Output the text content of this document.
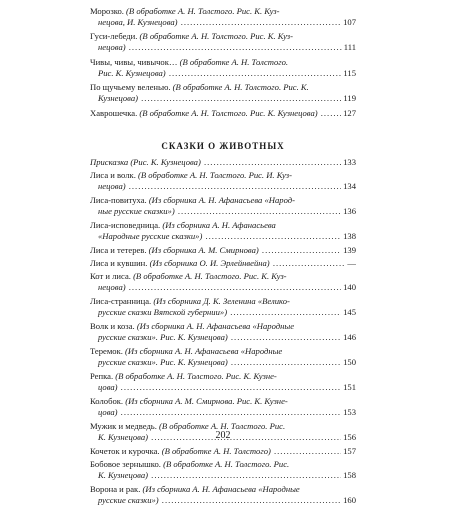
Морозко. (В обработке А. Н. Толстого. Рис. К. Куз-
нецова, И. Кузнецова) .....	107
Гуси-лебеди. (В обработке А. Н. Толстого. Рис. К. Куз-
нецова) .....	111
Чивы, чивы, чивычок… (В обработке А. Н. Толстого.
Рис. К. Кузнецова) .....	115
По щучьему веленью. (В обработке А. Н. Толстого. Рис. К.
Кузнецова) .....	119
Хаврошечка. (В обработке А. Н. Толстого. Рис. К. Кузнецова) .....	127
СКАЗКИ О ЖИВОТНЫХ
Присказка (Рис. К. Кузнецова) .....	133
Лиса и волк. (В обработке А. Н. Толстого. Рис. И. Куз-
нецова) .....	134
Лиса-повитуха. (Из сборника А. Н. Афанасьева «Народ-
ные русские сказки») .....	136
Лиса-исповедница. (Из сборника А. Н. Афанасьева
«Народные русские сказки») .....	138
Лиса и тетерев. (Из сборника А. М. Смирнова) .....	139
Лиса и кувшин. (Из сборника О. И. Эрлейнвейна) .....	—
Кот и лиса. (В обработке А. Н. Толстого. Рис. К. Куз-
нецова) .....	140
Лиса-странница. (Из сборника Д. К. Зеленина «Велико-
русские сказки Вятской губернии») .....	145
Волк и коза. (Из сборника А. Н. Афанасьева «Народные
русские сказки». Рис. К. Кузнецова) .....	146
Теремок. (Из сборника А. Н. Афанасьева «Народные
русские сказки». Рис. К. Кузнецова) .....	150
Репка. (В обработке А. Н. Толстого. Рис. К. Кузне-
цова) .....	151
Колобок. (Из сборника А. М. Смирнова. Рис. К. Кузне-
цова) .....	153
Мужик и медведь. (В обработке А. Н. Толстого. Рис.
К. Кузнецова) .....	156
Кочеток и курочка. (В обработке А. Н. Толстого) .....	157
Бобовое зернышко. (В обработке А. Н. Толстого. Рис.
К. Кузнецова) .....	158
Ворона и рак. (Из сборника А. Н. Афанасьева «Народные
русские сказки») .....	160
202
